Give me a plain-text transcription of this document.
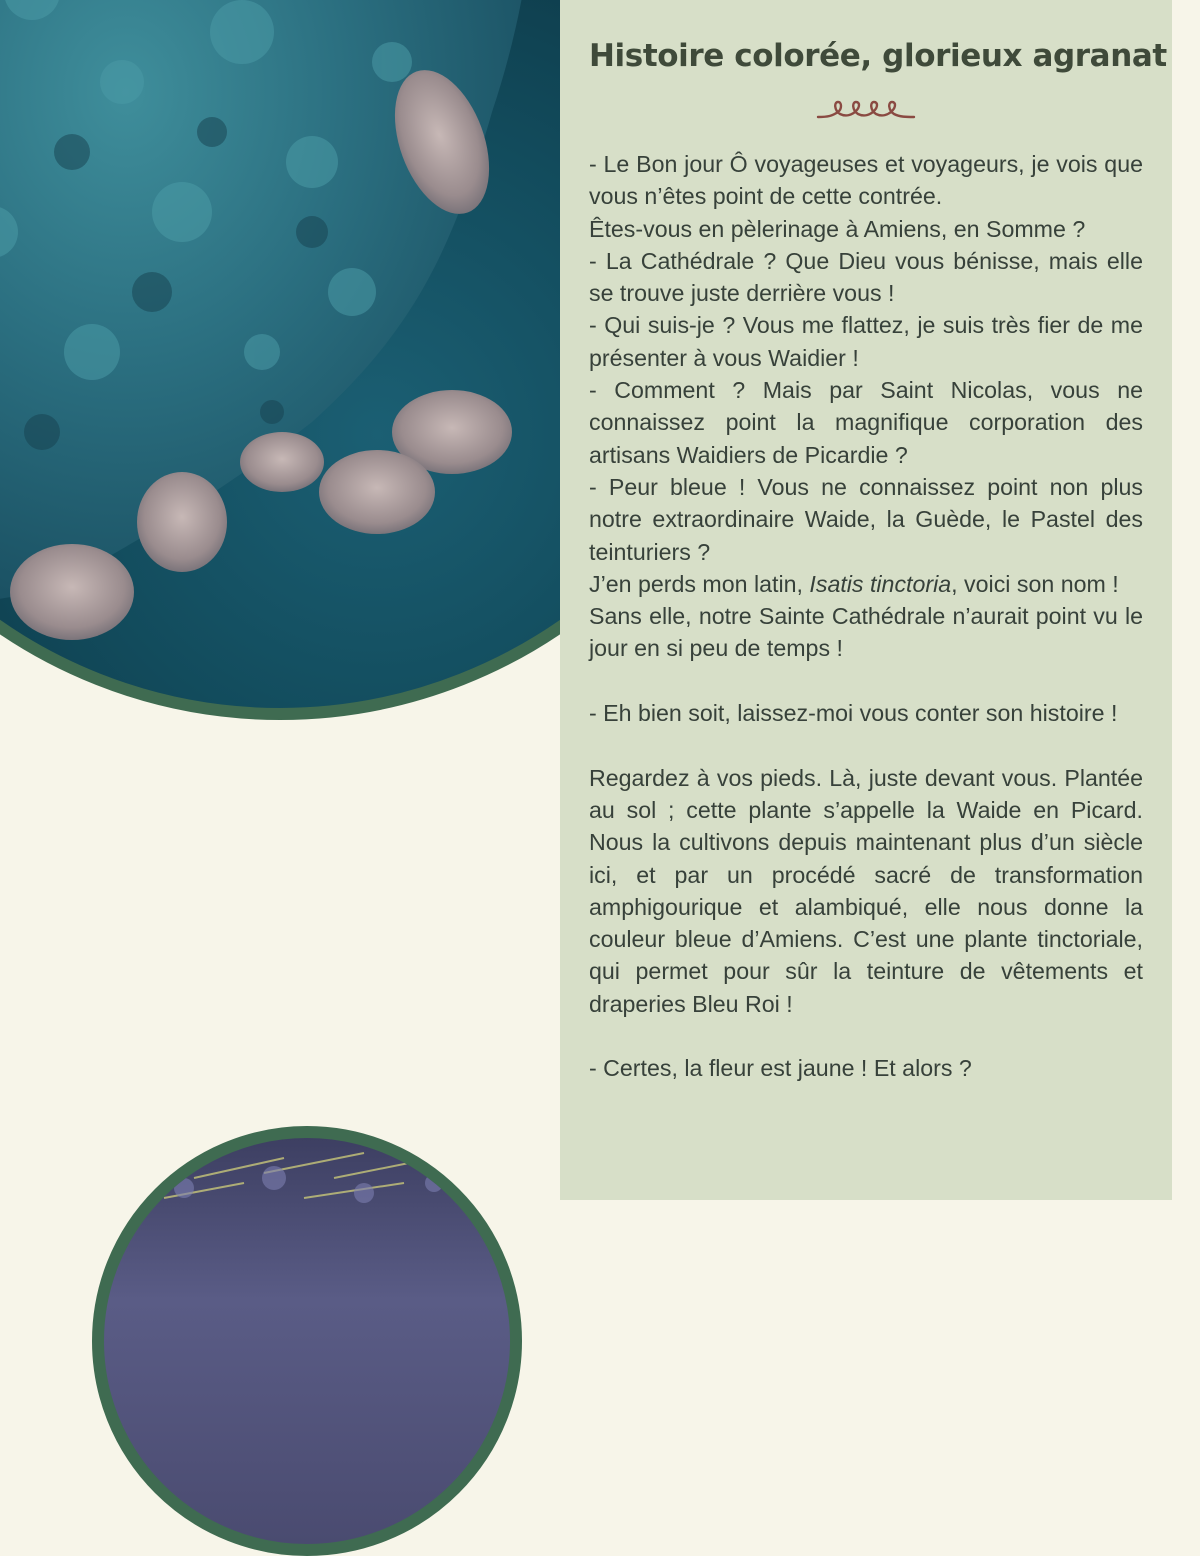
Histoire colorée, glorieux agranat

- Le Bon jour Ô voyageuses et voyageurs, je vois que vous n’êtes point de cette contrée.

Êtes-vous en pèlerinage à Amiens, en Somme ?

- La Cathédrale ? Que Dieu vous bénisse, mais elle se trouve juste derrière vous !

- Qui suis-je ? Vous me flattez, je suis très fier de me présenter à vous Waidier !

- Comment ? Mais par Saint Nicolas, vous ne connaissez point la magnifique corporation des artisans Waidiers de Picardie ?

- Peur bleue ! Vous ne connaissez point non plus notre extraordinaire Waide, la Guède, le Pastel des teinturiers ?

J’en perds mon latin, Isatis tinctoria, voici son nom !

Sans elle, notre Sainte Cathédrale n’aurait point vu le jour en si peu de temps !

- Eh bien soit, laissez-moi vous conter son histoire !

Regardez à vos pieds. Là, juste devant vous. Plantée au sol ; cette plante s’appelle la Waide en Picard. Nous la cultivons depuis maintenant plus d’un siècle ici, et par un procédé sacré de transformation amphigourique et alambiqué, elle nous donne la couleur bleue d’Amiens. C’est une plante tinctoriale, qui permet pour sûr la teinture de vêtements et draperies Bleu Roi !

- Certes, la fleur est jaune ! Et alors ?
